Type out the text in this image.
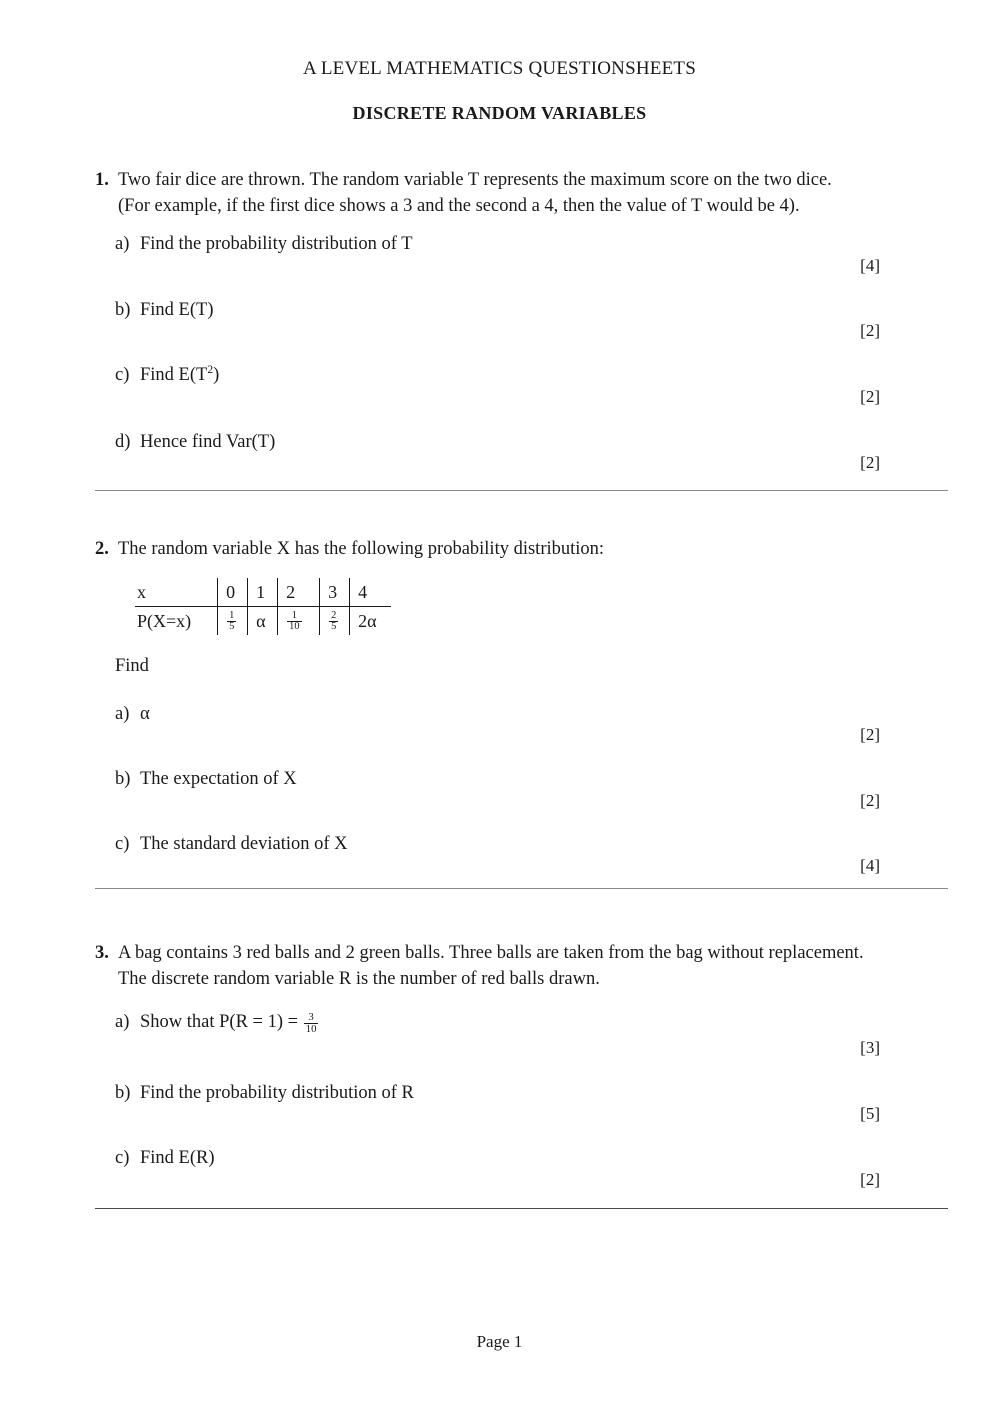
A LEVEL MATHEMATICS QUESTIONSHEETS
DISCRETE RANDOM VARIABLES
1. Two fair dice are thrown. The random variable T represents the maximum score on the two dice.
(For example, if the first dice shows a 3 and the second a 4, then the value of T would be 4).
a) Find the probability distribution of T
[4]
b) Find E(T)
[2]
c) Find $E(T^2)$
[2]
d) Hence find Var(T)
[2]
2. The random variable X has the following probability distribution:
x	0	1	2	3	4
P(X=x)	$\frac{1}{5}$	α	$\frac{1}{10}$	$\frac{2}{5}$	2α
Find
a) α
[2]
b) The expectation of X
[2]
c) The standard deviation of X
[4]
3. A bag contains 3 red balls and 2 green balls. Three balls are taken from the bag without replacement.
The discrete random variable R is the number of red balls drawn.
a) Show that $P(R = 1) = \frac{3}{10}$
[3]
b) Find the probability distribution of R
[5]
c) Find E(R)
[2]
Page 1
